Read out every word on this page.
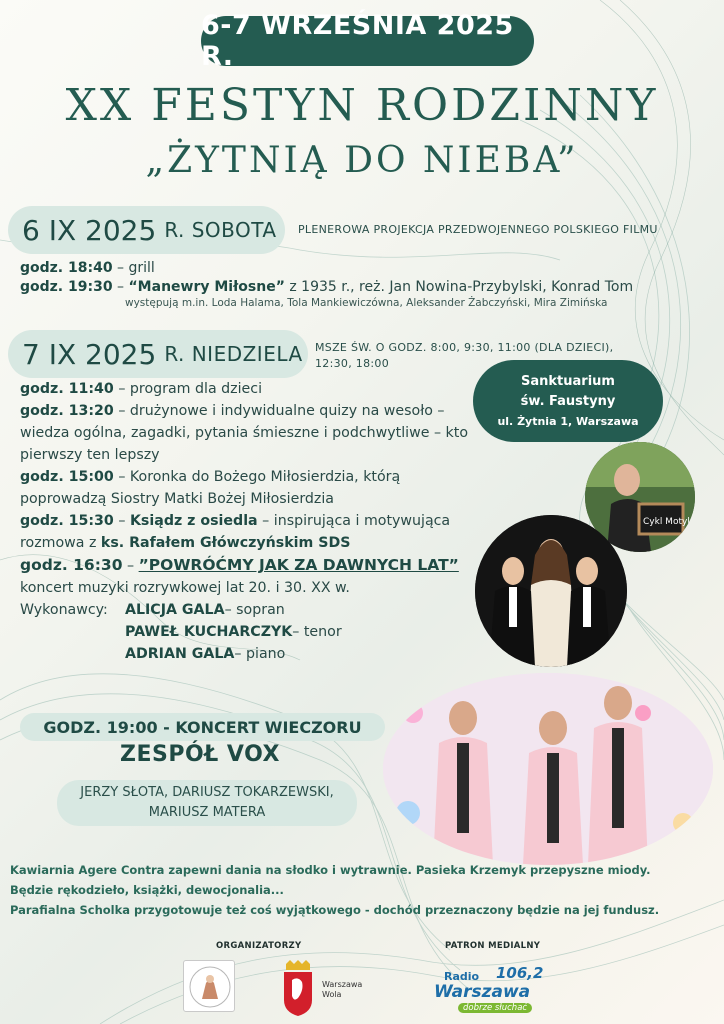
6-7 WRZEŚNIA 2025 R.
XX FESTYN RODZINNY
„ŻYTNIĄ DO NIEBA”
6 IX 2025 R. SOBOTA PLENEROWA PROJEKCJA PRZEDWOJENNEGO POLSKIEGO FILMU
godz. 18:40 – grill
godz. 19:30 – “Manewry Miłosne” z 1935 r., reż. Jan Nowina-Przybylski, Konrad Tom
występują m.in. Loda Halama, Tola Mankiewiczówna, Aleksander Żabczyński, Mira Zimińska
7 IX 2025 R. NIEDZIELA MSZE ŚW. O GODZ. 8:00, 9:30, 11:00 (DLA DZIECI), 12:30, 18:00
godz. 11:40 – program dla dzieci
godz. 13:20 – drużynowe i indywidualne quizy na wesoło – wiedza ogólna, zagadki, pytania śmieszne i podchwytliwe – kto pierwszy ten lepszy
godz. 15:00 – Koronka do Bożego Miłosierdzia, którą poprowadzą Siostry Matki Bożej Miłosierdzia
godz. 15:30 – Ksiądz z osiedla – inspirująca i motywująca rozmowa z ks. Rafałem Główczyńskim SDS
godz. 16:30 – ”POWRÓĆMY JAK ZA DAWNYCH LAT”
koncert muzyki rozrywkowej lat 20. i 30. XX w.
Wykonawcy:	ALICJA GALA – sopran
PAWEŁ KUCHARCZYK – tenor
ADRIAN GALA – piano
Sanktuarium
św. Faustyny
ul. Żytnia 1, Warszawa
Cykl Motyl
GODZ. 19:00 - KONCERT WIECZORU
ZESPÓŁ VOX
JERZY SŁOTA, DARIUSZ TOKARZEWSKI,
MARIUSZ MATERA
Kawiarnia Agere Contra zapewni dania na słodko i wytrawnie. Pasieka Krzemyk przepyszne miody.
Będzie rękodzieło, książki, dewocjonalia...
Parafialna Scholka przygotowuje też coś wyjątkowego - dochód przeznaczony będzie na jej fundusz.
ORGANIZATORZY	PATRON MEDIALNY
Warszawa
Wola
Radio 106,2
Warszawa
dobrze słuchać
